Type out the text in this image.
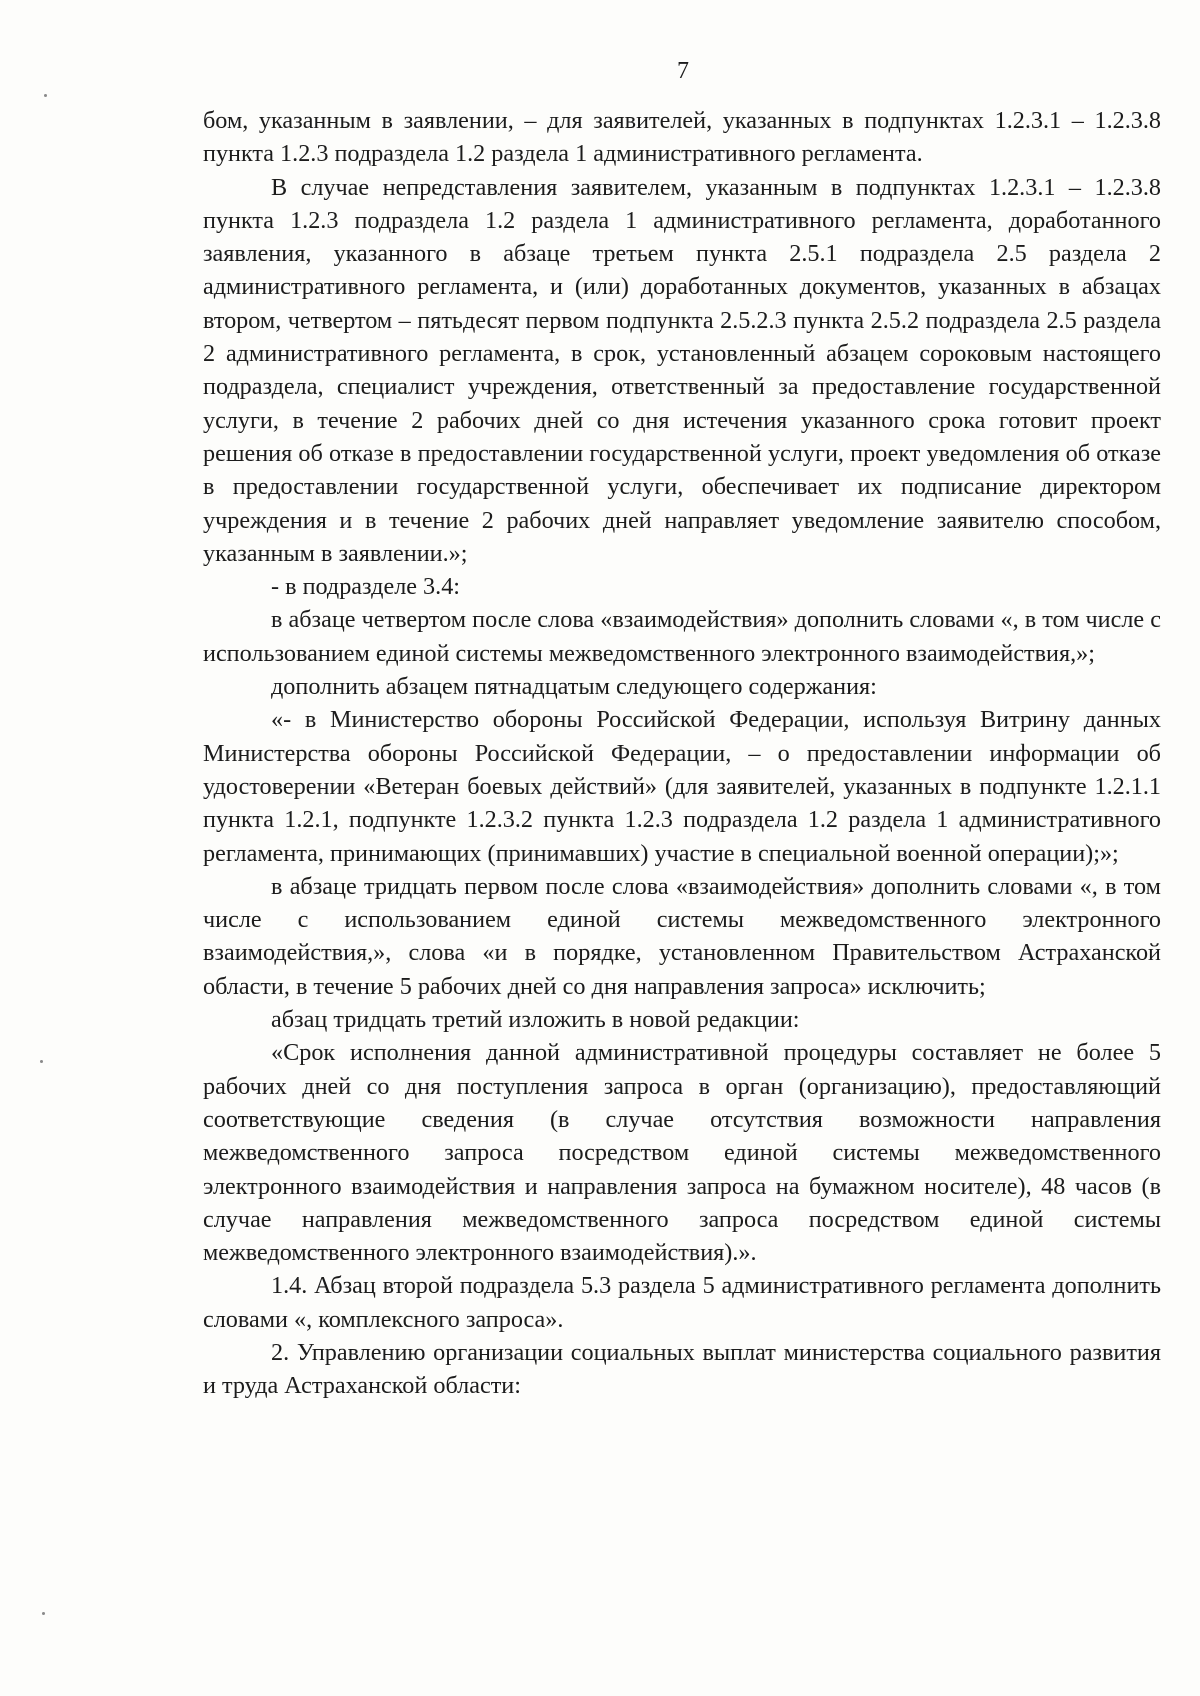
7

бом, указанным в заявлении, – для заявителей, указанных в подпунктах 1.2.3.1 – 1.2.3.8 пункта 1.2.3 подраздела 1.2 раздела 1 административного регламента.

В случае непредставления заявителем, указанным в подпунктах 1.2.3.1 – 1.2.3.8 пункта 1.2.3 подраздела 1.2 раздела 1 административного регламента, доработанного заявления, указанного в абзаце третьем пункта 2.5.1 подраздела 2.5 раздела 2 административного регламента, и (или) доработанных документов, указанных в абзацах втором, четвертом – пятьдесят первом подпункта 2.5.2.3 пункта 2.5.2 подраздела 2.5 раздела 2 административного регламента, в срок, установленный абзацем сороковым настоящего подраздела, специалист учреждения, ответственный за предоставление государственной услуги, в течение 2 рабочих дней со дня истечения указанного срока готовит проект решения об отказе в предоставлении государственной услуги, проект уведомления об отказе в предоставлении государственной услуги, обеспечивает их подписание директором учреждения и в течение 2 рабочих дней направляет уведомление заявителю способом, указанным в заявлении.»;

- в подразделе 3.4:

в абзаце четвертом после слова «взаимодействия» дополнить словами «, в том числе с использованием единой системы межведомственного электронного взаимодействия,»;

дополнить абзацем пятнадцатым следующего содержания:

«- в Министерство обороны Российской Федерации, используя Витрину данных Министерства обороны Российской Федерации, – о предоставлении информации об удостоверении «Ветеран боевых действий» (для заявителей, указанных в подпункте 1.2.1.1 пункта 1.2.1, подпункте 1.2.3.2 пункта 1.2.3 подраздела 1.2 раздела 1 административного регламента, принимающих (принимавших) участие в специальной военной операции);»;

в абзаце тридцать первом после слова «взаимодействия» дополнить словами «, в том числе с использованием единой системы межведомственного электронного взаимодействия,», слова «и в порядке, установленном Правительством Астраханской области, в течение 5 рабочих дней со дня направления запроса» исключить;

абзац тридцать третий изложить в новой редакции:

«Срок исполнения данной административной процедуры составляет не более 5 рабочих дней со дня поступления запроса в орган (организацию), предоставляющий соответствующие сведения (в случае отсутствия возможности направления межведомственного запроса посредством единой системы межведомственного электронного взаимодействия и направления запроса на бумажном носителе), 48 часов (в случае направления межведомственного запроса посредством единой системы межведомственного электронного взаимодействия).».

1.4. Абзац второй подраздела 5.3 раздела 5 административного регламента дополнить словами «, комплексного запроса».

2. Управлению организации социальных выплат министерства социального развития и труда Астраханской области:
